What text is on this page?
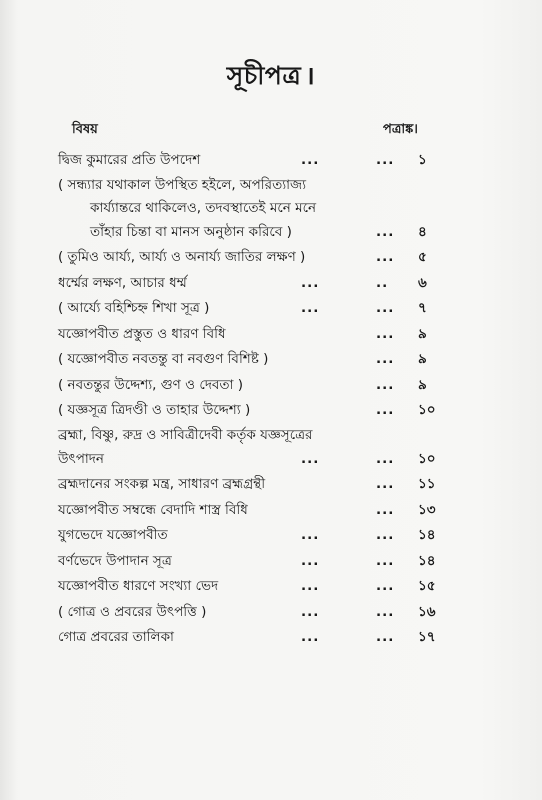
সূচীপত্র ।
বিষয়	পত্রাঙ্ক।
দ্বিজ কুমারের প্রতি উপদেশ	...	... ১
( সন্ধ্যার যথাকাল উপস্থিত হইলে, অপরিত্যাজ্য
কার্য্যান্তরে থাকিলেও, তদবস্থাতেই মনে মনে
তাঁহার চিন্তা বা মানস অনুষ্ঠান করিবে )	... ৪
( তুমিও আর্য্য, আর্য্য ও অনার্য্য জাতির লক্ষণ )	... ৫
ধর্ম্মের লক্ষণ, আচার ধর্ম্ম	...	.. ৬
( আর্য্যে বহিশ্চিহ্ন শিখা সূত্র )	...	... ৭
যজ্ঞোপবীত প্রস্তুত ও ধারণ বিধি	... ৯
( যজ্ঞোপবীত নবতন্তু বা নবগুণ বিশিষ্ট )	... ৯
( নবতন্তুর উদ্দেশ্য, গুণ ও দেবতা )	... ৯
( যজ্ঞসূত্র ত্রিদণ্ডী ও তাহার উদ্দেশ্য )	... ১০
ব্রহ্মা, বিষ্ণু, রুদ্র ও সাবিত্রীদেবী কর্তৃক যজ্ঞসূত্রের
উৎপাদন	...	... ১০
ব্রহ্মদানের সংকল্প মন্ত্র, সাধারণ ব্রহ্মগ্রন্থী	... ১১
যজ্ঞোপবীত সম্বন্ধে বেদাদি শাস্ত্র বিধি	... ১৩
যুগভেদে যজ্ঞোপবীত	...	... ১৪
বর্ণভেদে উপাদান সূত্র	...	... ১৪
যজ্ঞোপবীত ধারণে সংখ্যা ভেদ	...	... ১৫
( গোত্র ও প্রবরের উৎপত্তি )	...	... ১৬
গোত্র প্রবরের তালিকা	...	... ১৭
